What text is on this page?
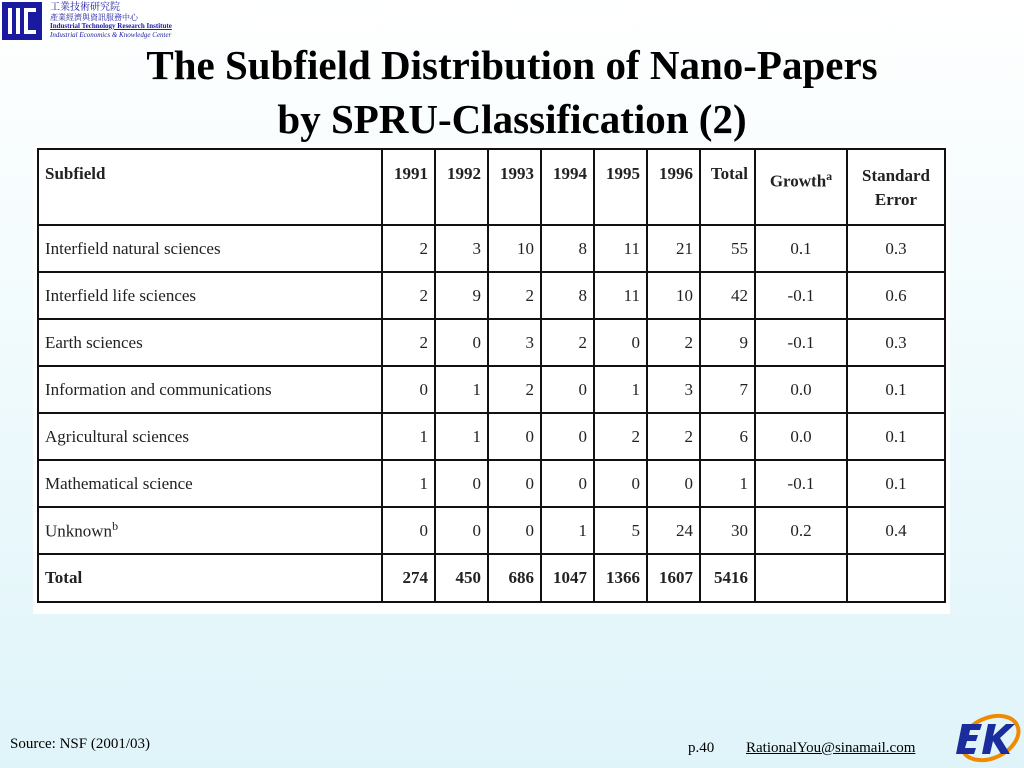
工業技術研究院
產業經濟與資訊服務中心
Industrial Technology Research Institute
Industrial Economics & Knowledge Center
The Subfield Distribution of Nano-Papers
by SPRU-Classification (2)
Subfield	1991	1992	1993	1994	1995	1996	Total	Growth$^a$	Standard
Error
Interfield natural sciences	2	3	10	8	11	21	55	0.1	0.3
Interfield life sciences	2	9	2	8	11	10	42	-0.1	0.6
Earth sciences	2	0	3	2	0	2	9	-0.1	0.3
Information and communications	0	1	2	0	1	3	7	0.0	0.1
Agricultural sciences	1	1	0	0	2	2	6	0.0	0.1
Mathematical science	1	0	0	0	0	0	1	-0.1	0.1
Unknown$^b$	0	0	0	1	5	24	30	0.2	0.4
Total	274	450	686	1047	1366	1607	5416		
Source: NSF (2001/03)	p.40 RationalYou@sinamail.com
